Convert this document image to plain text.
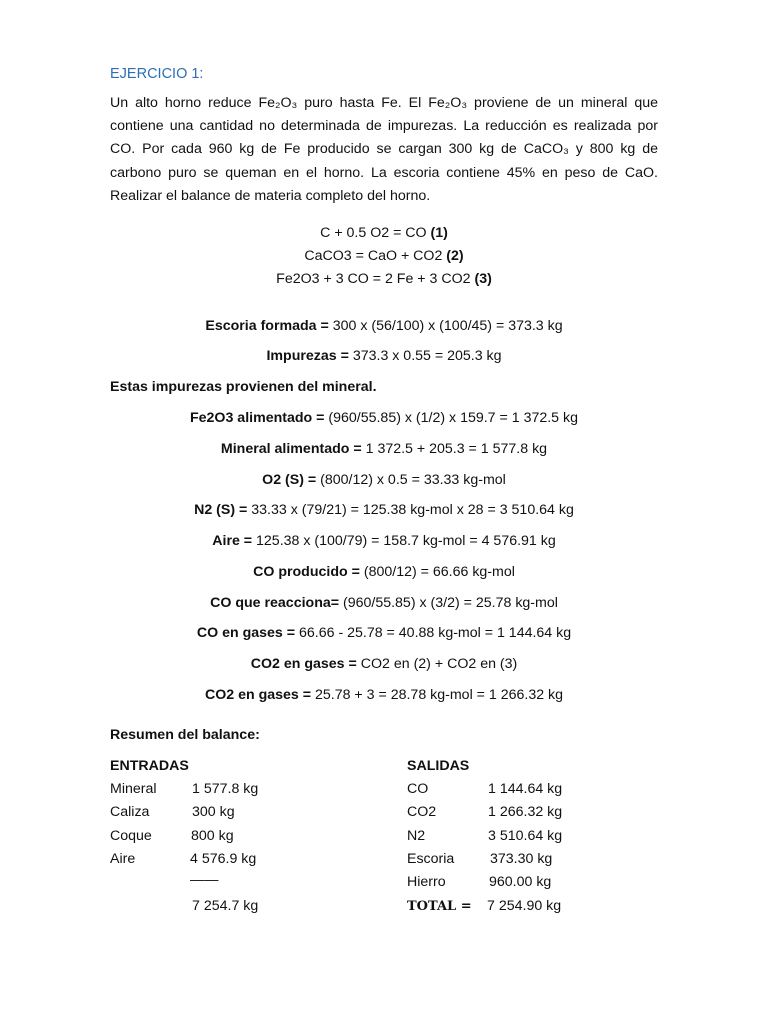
EJERCICIO 1:
Un alto horno reduce Fe₂O₃ puro hasta Fe. El Fe₂O₃ proviene de un mineral que contiene una cantidad no determinada de impurezas. La reducción es realizada por CO. Por cada 960 kg de Fe producido se cargan 300 kg de CaCO₃ y 800 kg de carbono puro se queman en el horno. La escoria contiene 45% en peso de CaO. Realizar el balance de materia completo del horno.
C + 0.5 O2 = CO (1)
CaCO3 = CaO + CO2 (2)
Fe2O3 + 3 CO = 2 Fe + 3 CO2 (3)
Escoria formada = 300 x (56/100) x (100/45) = 373.3 kg
Impurezas = 373.3 x 0.55 = 205.3 kg
Estas impurezas provienen del mineral.
Fe2O3 alimentado = (960/55.85) x (1/2) x 159.7 = 1 372.5 kg
Mineral alimentado = 1 372.5 + 205.3 = 1 577.8 kg
O2 (S) = (800/12) x 0.5 = 33.33 kg-mol
N2 (S) = 33.33 x (79/21) = 125.38 kg-mol x 28 = 3 510.64 kg
Aire = 125.38 x (100/79) = 158.7 kg-mol = 4 576.91 kg
CO producido = (800/12) = 66.66 kg-mol
CO que reacciona= (960/55.85) x (3/2) = 25.78 kg-mol
CO en gases = 66.66 - 25.78 = 40.88 kg-mol = 1 144.64 kg
CO2 en gases = CO2 en (2) + CO2 en (3)
CO2 en gases = 25.78 + 3 = 28.78 kg-mol = 1 266.32 kg
Resumen del balance:
ENTRADAS
Mineral 1 577.8 kg
Caliza	300 kg
Coque	800 kg
Aire	4 576.9 kg
——
7 254.7 kg
SALIDAS
CO	1 144.64 kg
CO2	1 266.32 kg
N2	3 510.64 kg
Escoria	373.30 kg
Hierro	960.00 kg
TOTAL = 7 254.90 kg
